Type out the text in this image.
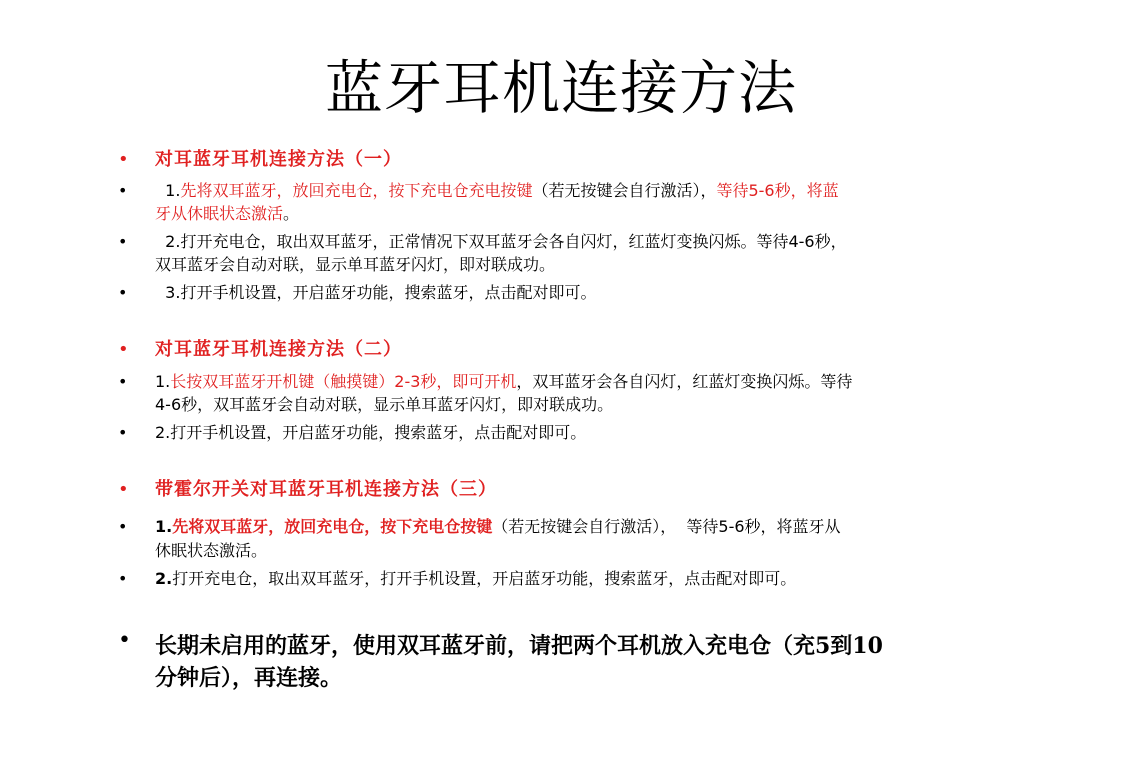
蓝牙耳机连接方法
• 对耳蓝牙耳机连接方法（一）
• 1.先将双耳蓝牙，放回充电仓，按下充电仓充电按键（若无按键会自行激活），等待5-6秒，将蓝
牙从休眠状态激活。
• 2.打开充电仓，取出双耳蓝牙，正常情况下双耳蓝牙会各自闪灯，红蓝灯变换闪烁。等待4-6秒，
双耳蓝牙会自动对联，显示单耳蓝牙闪灯，即对联成功。
• 3.打开手机设置，开启蓝牙功能，搜索蓝牙，点击配对即可。
• 对耳蓝牙耳机连接方法（二）
• 1.长按双耳蓝牙开机键（触摸键）2-3秒，即可开机，双耳蓝牙会各自闪灯，红蓝灯变换闪烁。等待
4-6秒，双耳蓝牙会自动对联，显示单耳蓝牙闪灯，即对联成功。
• 2.打开手机设置，开启蓝牙功能，搜索蓝牙，点击配对即可。
• 带霍尔开关对耳蓝牙耳机连接方法（三）
• 1.先将双耳蓝牙，放回充电仓，按下充电仓按键（若无按键会自行激活），  等待5-6秒，将蓝牙从
休眠状态激活。
• 2.打开充电仓，取出双耳蓝牙，打开手机设置，开启蓝牙功能，搜索蓝牙，点击配对即可。
• 长期未启用的蓝牙，使用双耳蓝牙前，请把两个耳机放入充电仓（充5到10
分钟后），再连接。
